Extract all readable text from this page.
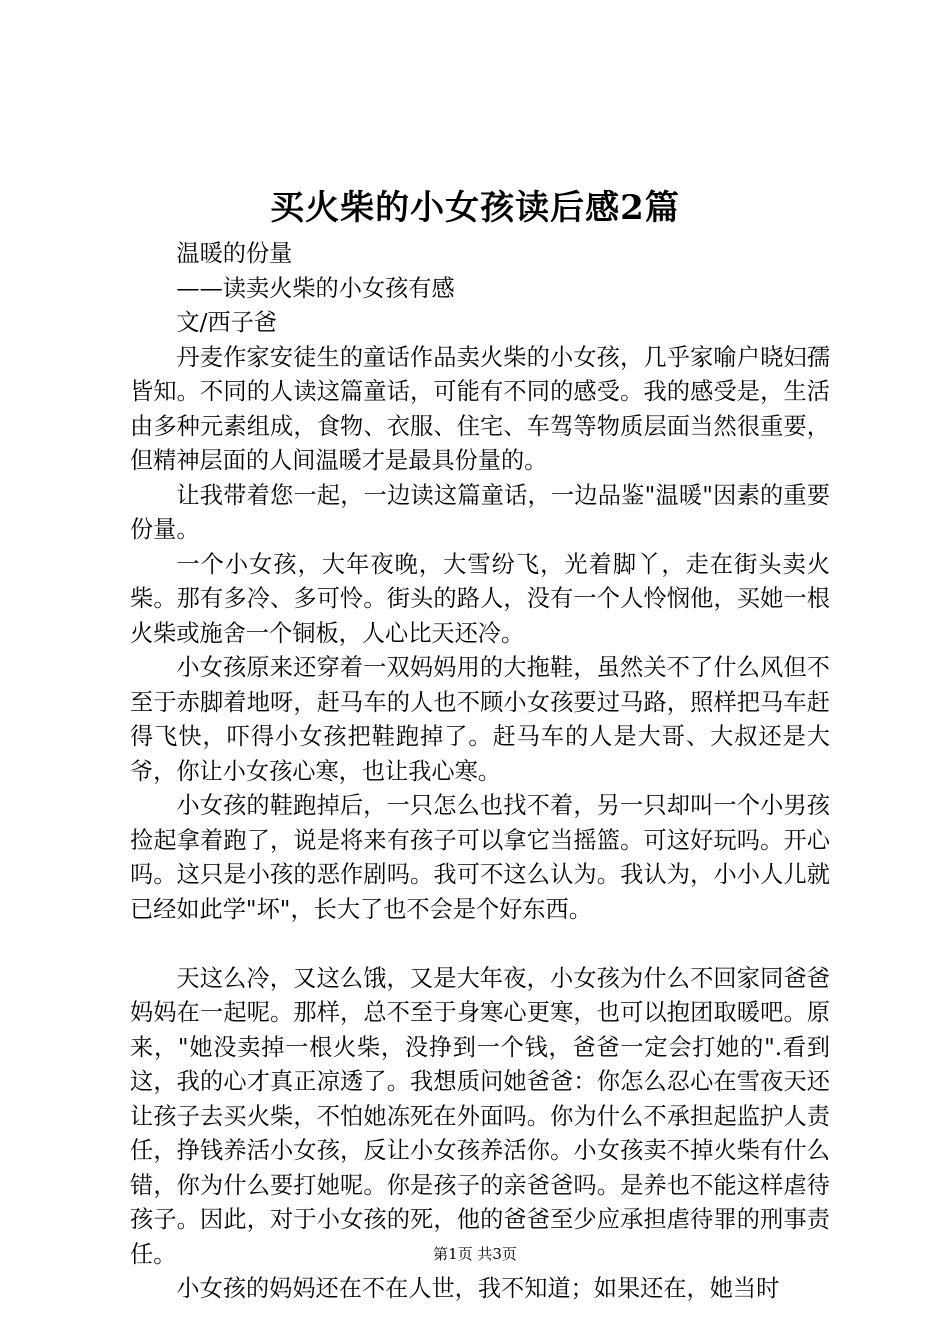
买火柴的小女孩读后感2篇

温暖的份量

——读卖火柴的小女孩有感

文/西子爸

丹麦作家安徒生的童话作品卖火柴的小女孩，几乎家喻户晓妇孺皆知。不同的人读这篇童话，可能有不同的感受。我的感受是，生活由多种元素组成，食物、衣服、住宅、车驾等物质层面当然很重要，但精神层面的人间温暖才是最具份量的。

让我带着您一起，一边读这篇童话，一边品鉴"温暖"因素的重要份量。

一个小女孩，大年夜晚，大雪纷飞，光着脚丫，走在街头卖火柴。那有多冷、多可怜。街头的路人，没有一个人怜悯他，买她一根火柴或施舍一个铜板，人心比天还冷。

小女孩原来还穿着一双妈妈用的大拖鞋，虽然关不了什么风但不至于赤脚着地呀，赶马车的人也不顾小女孩要过马路，照样把马车赶得飞快，吓得小女孩把鞋跑掉了。赶马车的人是大哥、大叔还是大爷，你让小女孩心寒，也让我心寒。

小女孩的鞋跑掉后，一只怎么也找不着，另一只却叫一个小男孩捡起拿着跑了，说是将来有孩子可以拿它当摇篮。可这好玩吗。开心吗。这只是小孩的恶作剧吗。我可不这么认为。我认为，小小人儿就已经如此学"坏"，长大了也不会是个好东西。

天这么冷，又这么饿，又是大年夜，小女孩为什么不回家同爸爸妈妈在一起呢。那样，总不至于身寒心更寒，也可以抱团取暖吧。原来，"她没卖掉一根火柴，没挣到一个钱，爸爸一定会打她的".看到这，我的心才真正凉透了。我想质问她爸爸：你怎么忍心在雪夜天还让孩子去买火柴，不怕她冻死在外面吗。你为什么不承担起监护人责任，挣钱养活小女孩，反让小女孩养活你。小女孩卖不掉火柴有什么错，你为什么要打她呢。你是孩子的亲爸爸吗。是养也不能这样虐待孩子。因此，对于小女孩的死，他的爸爸至少应承担虐待罪的刑事责任。

小女孩的妈妈还在不在人世，我不知道；如果还在，她当时

第1页 共3页
